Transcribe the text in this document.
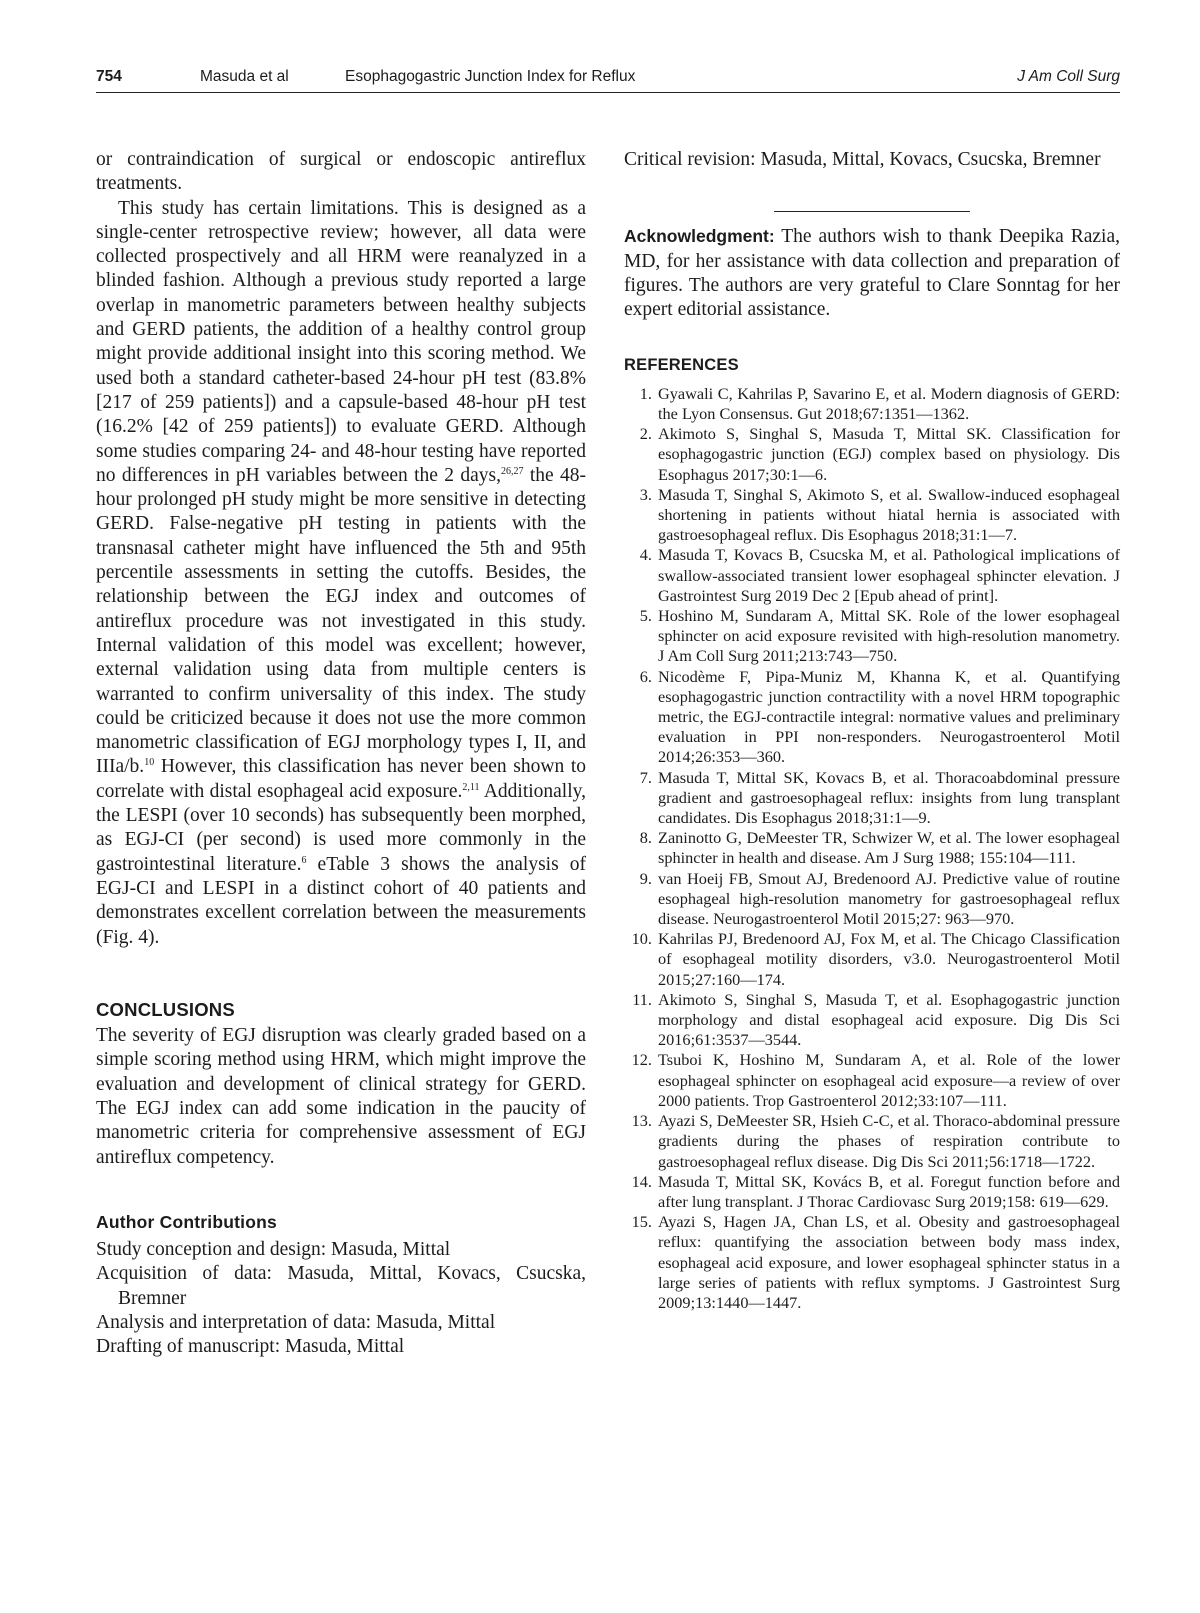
754	Masuda et al	Esophagogastric Junction Index for Reflux	J Am Coll Surg

or contraindication of surgical or endoscopic antireflux treatments.

This study has certain limitations. This is designed as a single-center retrospective review; however, all data were collected prospectively and all HRM were reanalyzed in a blinded fashion. Although a previous study reported a large overlap in manometric parameters between healthy subjects and GERD patients, the addition of a healthy control group might provide additional insight into this scoring method. We used both a standard catheter-based 24-hour pH test (83.8% [217 of 259 patients]) and a capsule-based 48-hour pH test (16.2% [42 of 259 patients]) to evaluate GERD. Although some studies comparing 24- and 48-hour testing have reported no differences in pH variables between the 2 days,$^{26,27}$ the 48-hour prolonged pH study might be more sensitive in detecting GERD. False-negative pH testing in patients with the transnasal catheter might have influenced the 5th and 95th percentile assessments in setting the cutoffs. Besides, the relationship between the EGJ index and outcomes of antireflux procedure was not investigated in this study. Internal validation of this model was excellent; however, external validation using data from multiple centers is warranted to confirm universality of this index. The study could be criticized because it does not use the more common manometric classification of EGJ morphology types I, II, and IIIa/b.$^{10}$ However, this classification has never been shown to correlate with distal esophageal acid exposure.$^{2,11}$ Additionally, the LESPI (over 10 seconds) has subsequently been morphed, as EGJ-CI (per second) is used more commonly in the gastrointestinal literature.$^6$ eTable 3 shows the analysis of EGJ-CI and LESPI in a distinct cohort of 40 patients and demonstrates excellent correlation between the measurements (Fig. 4).

CONCLUSIONS

The severity of EGJ disruption was clearly graded based on a simple scoring method using HRM, which might improve the evaluation and development of clinical strategy for GERD. The EGJ index can add some indication in the paucity of manometric criteria for comprehensive assessment of EGJ antireflux competency.

Author Contributions

Study conception and design: Masuda, Mittal

Acquisition of data: Masuda, Mittal, Kovacs, Csucska, Bremner

Analysis and interpretation of data: Masuda, Mittal

Drafting of manuscript: Masuda, Mittal

Critical revision: Masuda, Mittal, Kovacs, Csucska, Bremner

Acknowledgment: The authors wish to thank Deepika Razia, MD, for her assistance with data collection and preparation of figures. The authors are very grateful to Clare Sonntag for her expert editorial assistance.

REFERENCES
1. Gyawali C, Kahrilas P, Savarino E, et al. Modern diagnosis of GERD: the Lyon Consensus. Gut 2018;67:1351—1362.
2. Akimoto S, Singhal S, Masuda T, Mittal SK. Classification for esophagogastric junction (EGJ) complex based on physiology. Dis Esophagus 2017;30:1—6.
3. Masuda T, Singhal S, Akimoto S, et al. Swallow-induced esophageal shortening in patients without hiatal hernia is associated with gastroesophageal reflux. Dis Esophagus 2018;31:1—7.
4. Masuda T, Kovacs B, Csucska M, et al. Pathological implications of swallow-associated transient lower esophageal sphincter elevation. J Gastrointest Surg 2019 Dec 2 [Epub ahead of print].
5. Hoshino M, Sundaram A, Mittal SK. Role of the lower esophageal sphincter on acid exposure revisited with high-resolution manometry. J Am Coll Surg 2011;213:743—750.
6. Nicodème F, Pipa-Muniz M, Khanna K, et al. Quantifying esophagogastric junction contractility with a novel HRM topographic metric, the EGJ-contractile integral: normative values and preliminary evaluation in PPI non-responders. Neurogastroenterol Motil 2014;26:353—360.
7. Masuda T, Mittal SK, Kovacs B, et al. Thoracoabdominal pressure gradient and gastroesophageal reflux: insights from lung transplant candidates. Dis Esophagus 2018;31:1—9.
8. Zaninotto G, DeMeester TR, Schwizer W, et al. The lower esophageal sphincter in health and disease. Am J Surg 1988; 155:104—111.
9. van Hoeij FB, Smout AJ, Bredenoord AJ. Predictive value of routine esophageal high-resolution manometry for gastroesophageal reflux disease. Neurogastroenterol Motil 2015;27: 963—970.
10. Kahrilas PJ, Bredenoord AJ, Fox M, et al. The Chicago Classification of esophageal motility disorders, v3.0. Neurogastroenterol Motil 2015;27:160—174.
11. Akimoto S, Singhal S, Masuda T, et al. Esophagogastric junction morphology and distal esophageal acid exposure. Dig Dis Sci 2016;61:3537—3544.
12. Tsuboi K, Hoshino M, Sundaram A, et al. Role of the lower esophageal sphincter on esophageal acid exposure—a review of over 2000 patients. Trop Gastroenterol 2012;33:107—111.
13. Ayazi S, DeMeester SR, Hsieh C-C, et al. Thoraco-abdominal pressure gradients during the phases of respiration contribute to gastroesophageal reflux disease. Dig Dis Sci 2011;56:1718—1722.
14. Masuda T, Mittal SK, Kovács B, et al. Foregut function before and after lung transplant. J Thorac Cardiovasc Surg 2019;158: 619—629.
15. Ayazi S, Hagen JA, Chan LS, et al. Obesity and gastroesophageal reflux: quantifying the association between body mass index, esophageal acid exposure, and lower esophageal sphincter status in a large series of patients with reflux symptoms. J Gastrointest Surg 2009;13:1440—1447.
